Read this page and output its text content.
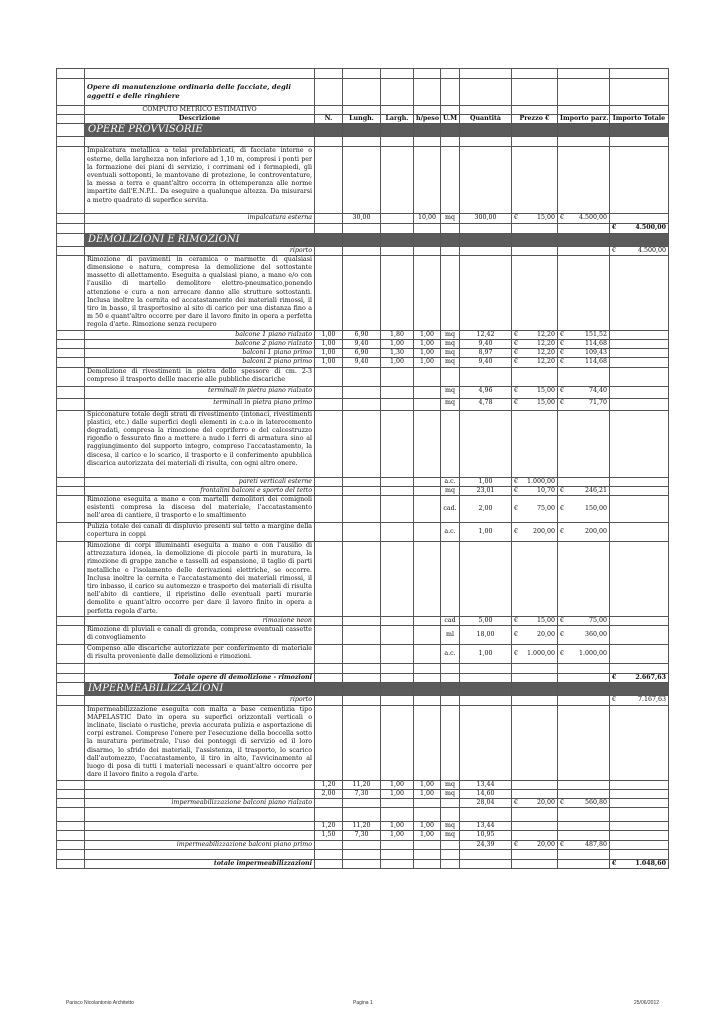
	Opere di manutenzione ordinaria delle facciate, degli aggetti e delle ringhiere									
	COMPUTO METRICO ESTIMATIVO									
	Descrizione	N.	Lungh.	Largh.	h/peso	U.M	Quantità	Prezzo €	Importo parz.	Importo Totale
	OPERE PROVVISORIE									

	Impalcatura metallica a telai prefabbricati, di facciate interne o esterne, della larghezza non inferiore ad 1,10 m, compresi i ponti per la formazione dei piani di servizio, i corrimani ed i fermapiedi, gli eventuali sottoponti, le mantovane di protezione, le controventature, la messa a terra e quant'altro occorra in ottemperanza alle norme impartite dall'E.N.P.I.. Da eseguire a qualunque altezza. Da misurarsi a metro quadrato di superfice servita.									
	impalcatura esterna		30,00		10,00	mq	300,00	€ 15,00	€ 4.500,00	

										€ 4.500,00
	DEMOLIZIONI E RIMOZIONI									
	riporto									€ 4.500,00
	Rimozione di pavimenti in ceramica o marmette di qualsiasi dimensione e natura, compresa la demolizione del sottostante massetto di allettamento. Eseguita a qualsiasi piano, a mano e/o con l'ausilio di martello demolitore elettro-pneumatico,ponendo attenzione e cura a non arrecare danno alle strutture sottostanti. Inclusa inoltre la cernita ed accatastamento dei materiali rimossi, il tiro in basso, il trasportosino al sito di carico per una distanza fino a m 50 e quant'altro occorre per dare il lavoro finito in opera a perfetta regola d'arte. Rimozione senza recupero									
	balcone 1 piano rialzato	1,00	6,90	1,80	1,00	mq	12,42	€ 12,20	€ 151,52	
	balcone 2 piano rialzato	1,00	9,40	1,00	1,00	mq	9,40	€ 12,20	€ 114,68	
	balconi 1 piano primo	1,00	6,90	1,30	1,00	mq	8,97	€ 12,20	€ 109,43	
	balconi 2 piano primo	1,00	9,40	1,00	1,00	mq	9,40	€ 12,20	€ 114,68	
	Demolizione di rivestimenti in pietra dello spessore di cm. 2-3 compreso il trasporto dellle macerie alle pubbliche discariche									
	terminali in pietra piano rialzato					mq	4,96	€ 15,00	€ 74,40	
	terminali in pietra piano primo					mq	4,78	€ 15,00	€ 71,70	
	Spicconature totale degli strati di rivestimento (intonaci, rivestimenti plastici, etc.) dalle superfici degli elementi in c.a.o in laterocemento degradati, compresa la rimozione del copriferro e del calcestruzzo rigonfio o fessurato fino a mettere a nudo i ferri di armatura sino al raggiungimento del supporto integro, compreso l'accatastamento, la discesa, il carico e lo scarico, il trasporto e il conferimento apubblica discarica autorizzata dei materiali di risulta, con ogni altro onere.									
	pareti verticali esterne					a.c.	1,00	€ 1.000,00		
	frontalini balconi e sporto del tetto					mq	23,01	€ 10,70	€ 246,21	
	Rimozione eseguita a mano e con martelli demolitori dei comignoli esistenti compresa la discesa del materiale, l'accatastamento nell'area di cantiere, il trasporto e lo smaltimento					cad.	2,00	€ 75,00	€ 150,00	
	Pulizia totale dei canali di displuvio presenti sul tetto a margine della copertura in coppi					a.c.	1,00	€ 200,00	€ 200,00	
	Rimozione di corpi illuminanti eseguita a mano e con l'ausilio di attrezzatura idonea, la demolizione di piccole parti in muratura, la rimozione di grappe zanche e tasselli ad espansione, il taglio di parti metalliche e l'isolamento delle derivazioni elettriche, se occorre. Inclusa inoltre la cernita e l'accatastamento dei materiali rimossi, il tiro inbasso, il carico su automezzo e trasporto dei materiali di risulta nell'abito di cantiere, il ripristino delle eventuali parti murarie demolite e quant'altro occorre per dare il lavoro finito in opera a perfetta regola d'arte.									
	rimozione neon					cad	5,00	€ 15,00	€ 75,00	
	Rimozione di pluviali e canali di gronda, comprese eventuali cassette di convogliamento					ml	18,00	€ 20,00	€ 360,00	
	Compenso alle discariche autorizzate per conferimento di materiale di risulta proveniente dalle demolizioni e rimozioni.					a.c.	1,00	€ 1.000,00	€ 1.000,00	

	Totale opere di demolizione - rimozioni									€ 2.667,63
	IMPERMEABILIZZAZIONI									
	riporto									€ 7.167,63
	Impermeabilizzazione eseguita con malta a base cementizia tipo MAPELASTIC Dato in opera su superfici orizzontali verticali o inclinate, lisciate o rustiche, previa accurata pulizia e asportazione di corpi estranei. Compreso l'onere per l'esecuzione della boccella sotto la muratura perimetrale, l'uso dei ponteggi di servizio ed il loro disarmo, lo sfrido dei materiali, l'assistenza, il trasporto, lo scarico dall'automezzo, l'accatastamento, il tiro in alto, l'avvicinamento al luogo di posa di tutti i materiali necessari e quant'altro occorre per dare il lavoro finito a regola d'arte.									
		1,20	11,20	1,00	1,00	mq	13,44			
		2,00	7,30	1,00	1,00	mq	14,60			
	impermeabilizzazione balconi piano rialzato						28,04	€ 20,00	€ 560,80	

		1,20	11,20	1,00	1,00	mq	13,44			
		1,50	7,30	1,00	1,00	mq	10,95			
	impermeabilizzazione balconi piano primo						24,39	€ 20,00	€ 487,80	

	totale impermeabilizzazioni									€ 1.048,60
Parisco Nicolantonio Architetto	Pagina 1	25/06/2012
